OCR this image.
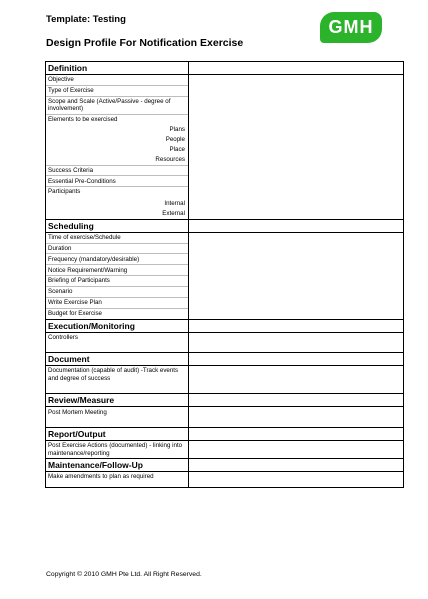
Template: Testing
Design Profile For Notification Exercise
GMH
Definition
Objective
Type of Exercise
Scope and Scale (Active/Passive - degree of involvement)
Elements to be exercised
Plans
People
Place
Resources
Success Criteria
Essential Pre-Conditions
Participants
Internal
External
Scheduling
Time of exercise/Schedule
Duration
Frequency (mandatory/desirable)
Notice Requirement/Warning
Briefing of Participants
Scenario
Write Exercise Plan
Budget for Exercise
Execution/Monitoring
Controllers
Document
Documentation (capable of audit) -Track events and degree of success
Review/Measure
Post Mortem Meeting
Report/Output
Post Exercise Actions (documented) - linking into maintenance/reporting
Maintenance/Follow-Up
Make amendments to plan as required
Copyright © 2010 GMH Pte Ltd. All Right Reserved.
